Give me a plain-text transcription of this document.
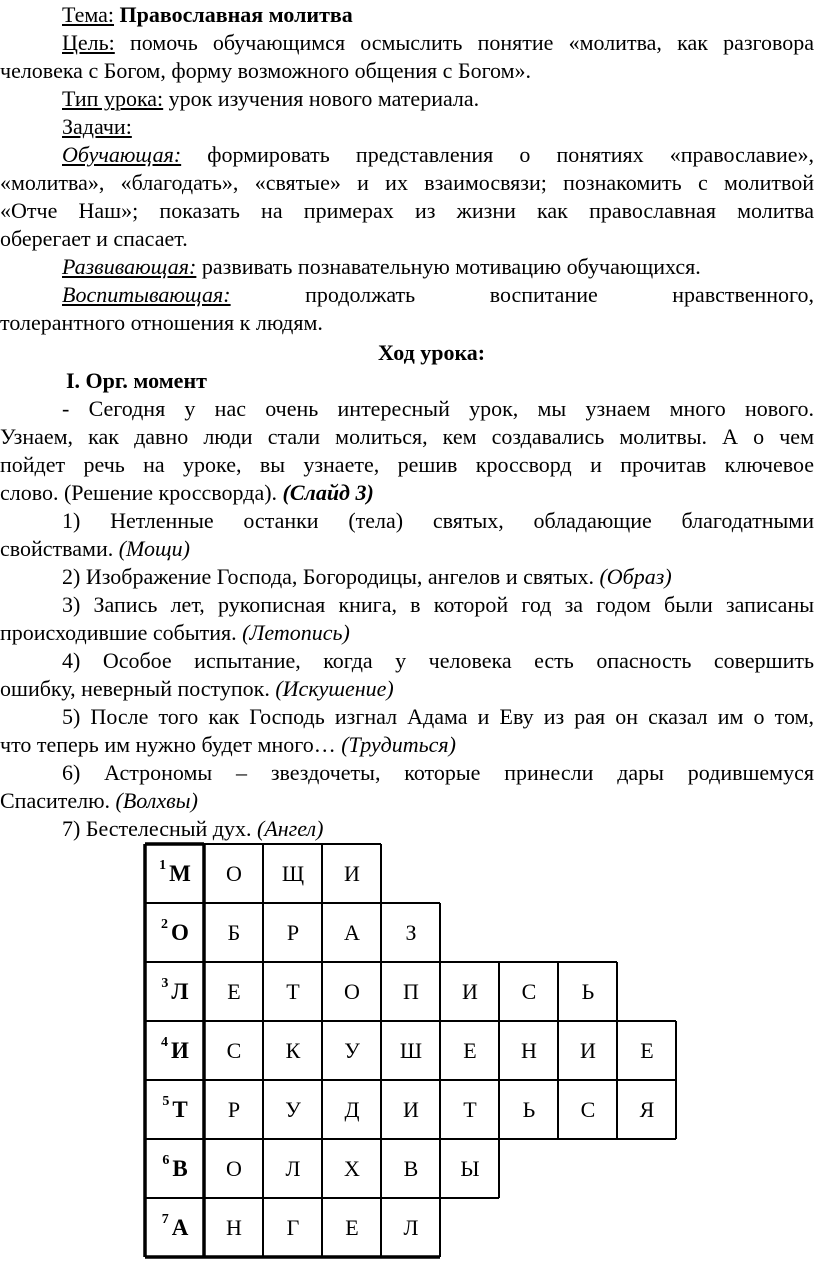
Тема: Православная молитва
Цель: помочь обучающимся осмыслить понятие «молитва, как разговора
человека с Богом, форму возможного общения с Богом».
Тип урока: урок изучения нового материала.
Задачи:
Обучающая: формировать представления о понятиях «православие»,
«молитва», «благодать», «святые» и их взаимосвязи; познакомить с молитвой
«Отче Наш»; показать на примерах из жизни как православная молитва
оберегает и спасает.
Развивающая: развивать познавательную мотивацию обучающихся.
Воспитывающая:	продолжать воспитание нравственного,
толерантного отношения к людям.
Ход урока:
I. Орг. момент
- Сегодня у нас очень интересный урок, мы узнаем много нового.
Узнаем, как давно люди стали молиться, кем создавались молитвы. А о чем
пойдет речь на уроке, вы узнаете, решив кроссворд и прочитав ключевое
слово. (Решение кроссворда). (Слайд 3)
1) Нетленные останки (тела) святых, обладающие благодатными
свойствами. (Мощи)
2) Изображение Господа, Богородицы, ангелов и святых. (Образ)
3) Запись лет, рукописная книга, в которой год за годом были записаны
происходившие события. (Летопись)
4) Особое испытание, когда у человека есть опасность совершить
ошибку, неверный поступок. (Искушение)
5) После того как Господь изгнал Адама и Еву из рая он сказал им о том,
что теперь им нужно будет много… (Трудиться)
6) Астрономы – звездочеты, которые принесли дары родившемуся
Спасителю. (Волхвы)
7) Бестелесный дух. (Ангел)
1 М	О	Щ	И
2 О	Б	Р	А	З
3 Л	Е	Т	О	П	И	С	Ь
4 И	С	К	У	Ш	Е	Н	И	Е
5 Т	Р	У	Д	И	Т	Ь	С	Я
6 В	О	Л	Х	В	Ы
7 А	Н	Г	Е	Л
